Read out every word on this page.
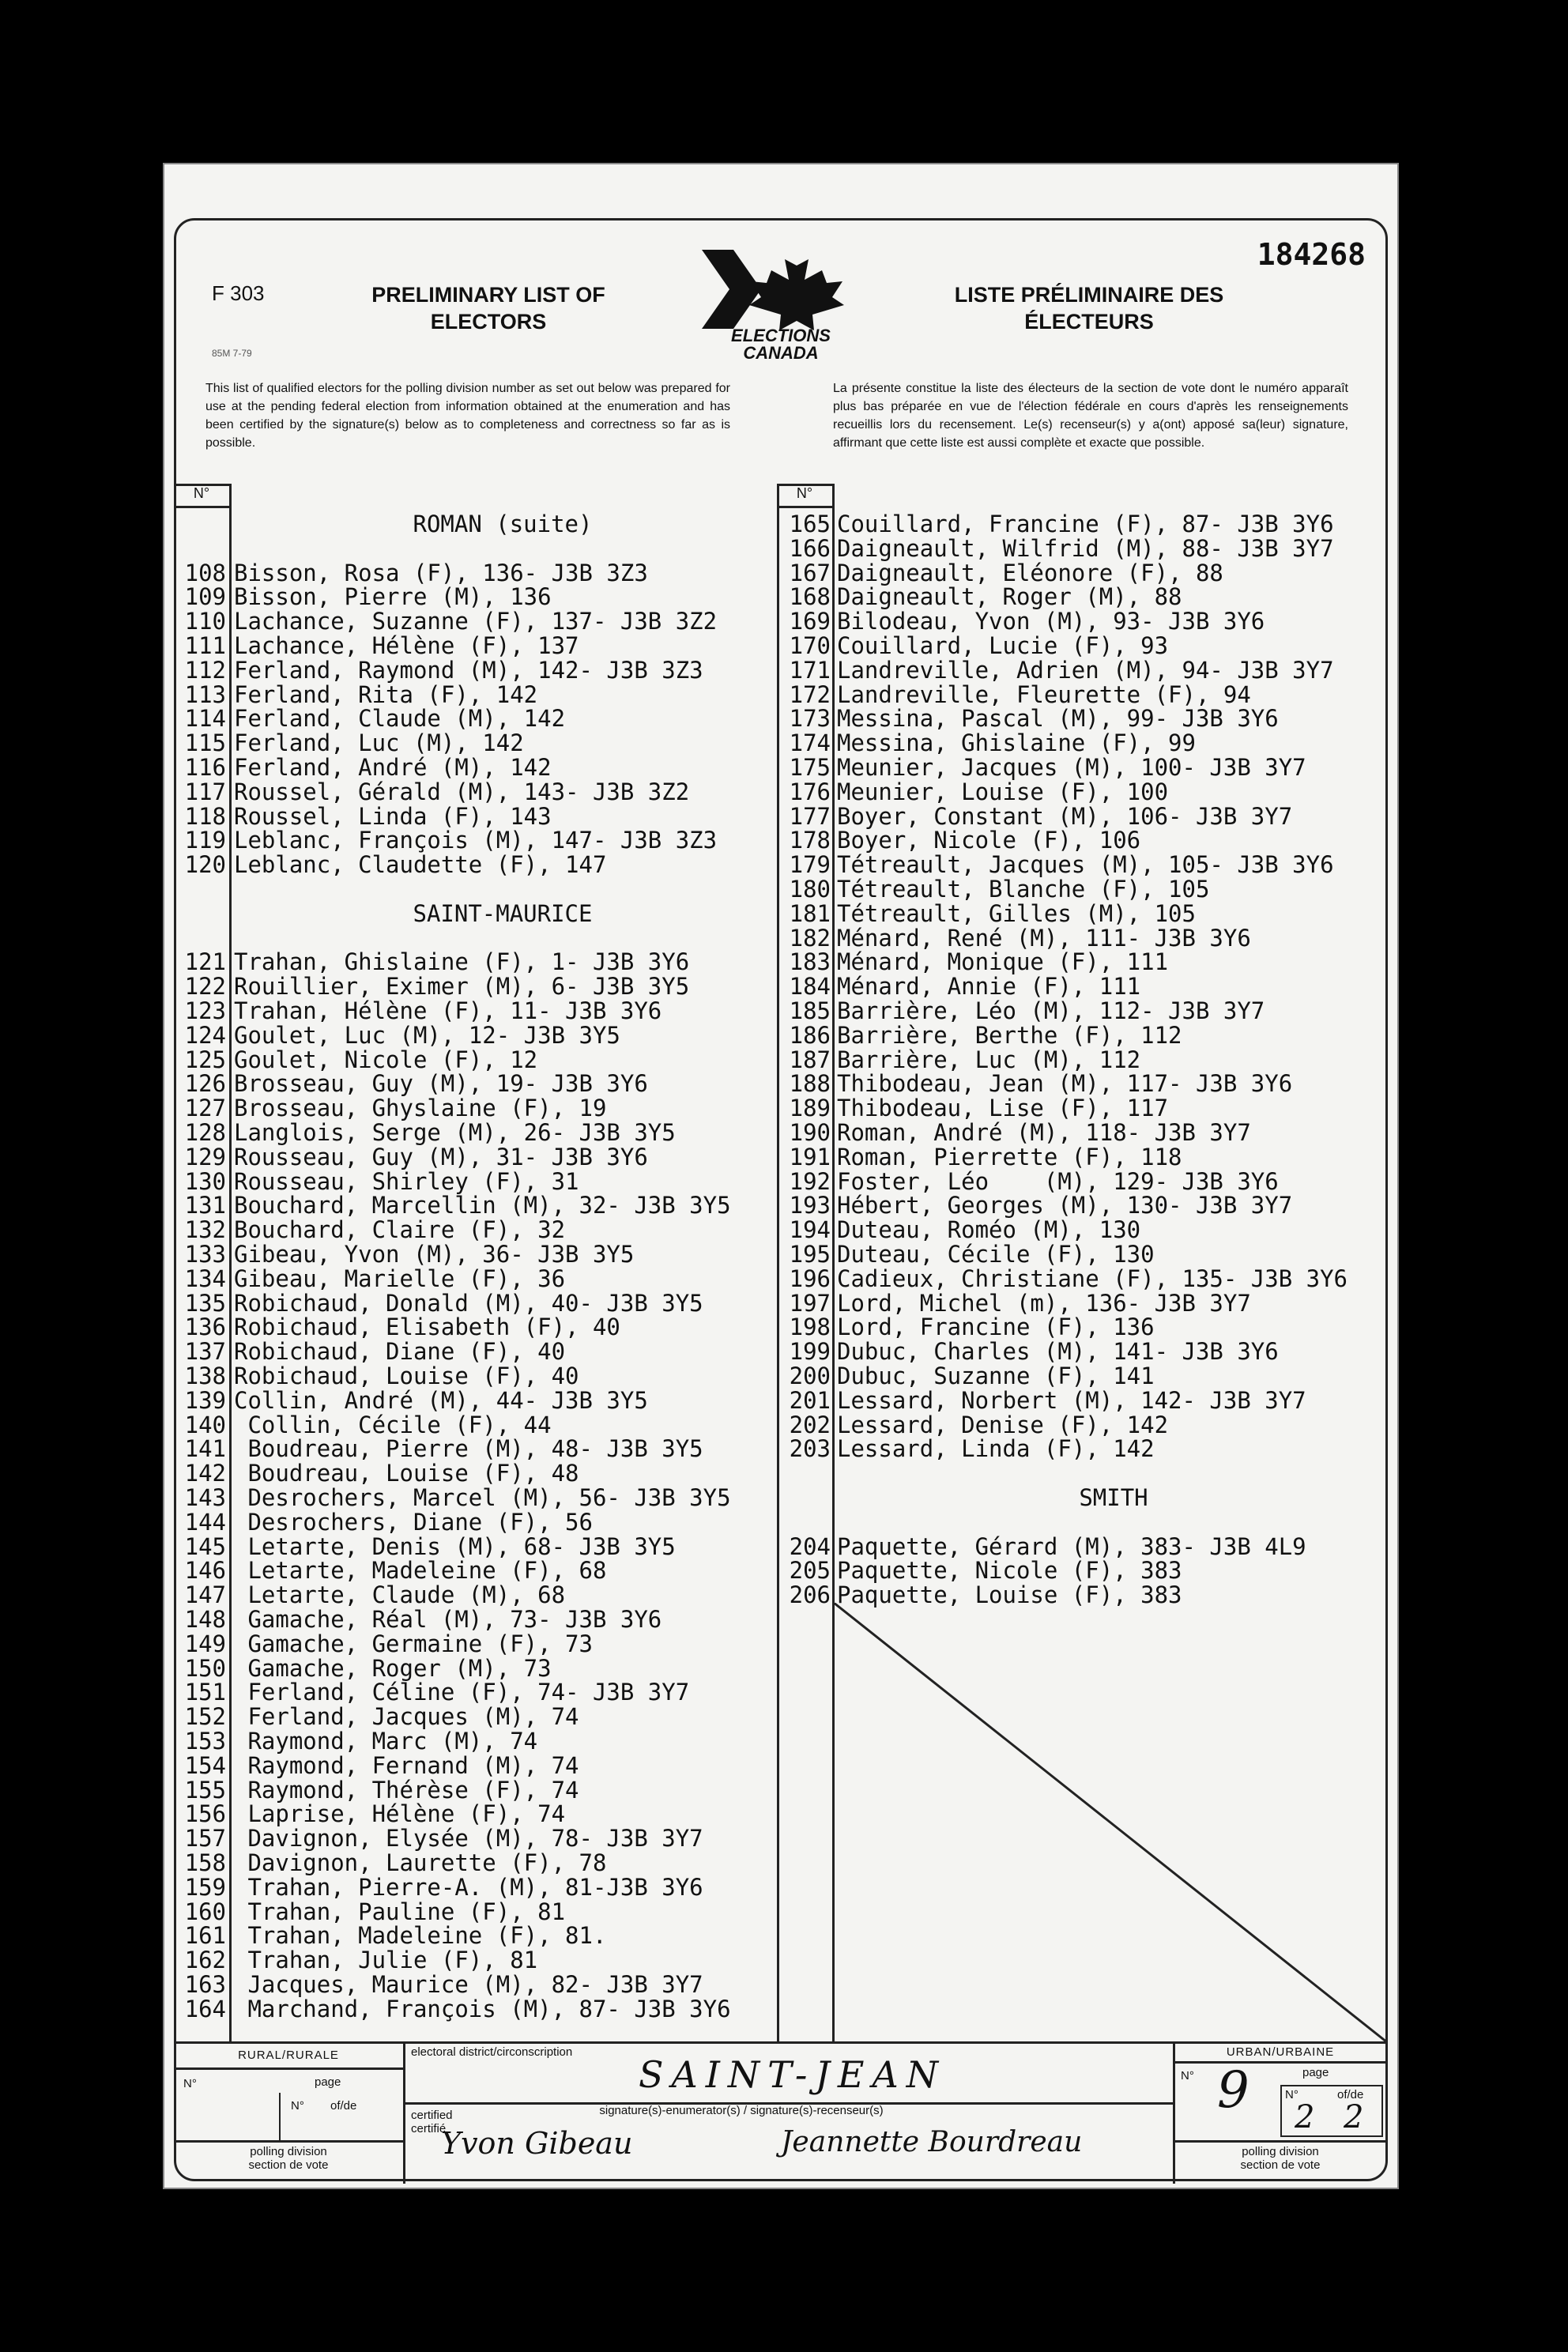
F 303
85M 7-79
PRELIMINARY LIST OF
ELECTORS
ELECTIONS
CANADA
LISTE PRÉLIMINAIRE DES
ÉLECTEURS
184268
This list of qualified electors for the polling division number as set out below was prepared for use at the pending federal election from information obtained at the enumeration and has been certified by the signature(s) below as to completeness and correctness so far as is possible.
La présente constitue la liste des électeurs de la section de vote dont le numéro apparaît plus bas préparée en vue de l'élection fédérale en cours d'après les renseignements recueillis lors du recensement. Le(s) recenseur(s) y a(ont) apposé sa(leur) signature, affirmant que cette liste est aussi complète et exacte que possible.
N°	N°
ROMAN (suite)
108 Bisson, Rosa (F), 136- J3B 3Z3
109 Bisson, Pierre (M), 136
110 Lachance, Suzanne (F), 137- J3B 3Z2
111 Lachance, Hélène (F), 137
112 Ferland, Raymond (M), 142- J3B 3Z3
113 Ferland, Rita (F), 142
114 Ferland, Claude (M), 142
115 Ferland, Luc (M), 142
116 Ferland, André (M), 142
117 Roussel, Gérald (M), 143- J3B 3Z2
118 Roussel, Linda (F), 143
119 Leblanc, François (M), 147- J3B 3Z3
120 Leblanc, Claudette (F), 147
SAINT-MAURICE
121 Trahan, Ghislaine (F), 1- J3B 3Y6
122 Rouillier, Eximer (M), 6- J3B 3Y5
123 Trahan, Hélène (F), 11- J3B 3Y6
124 Goulet, Luc (M), 12- J3B 3Y5
125 Goulet, Nicole (F), 12
126 Brosseau, Guy (M), 19- J3B 3Y6
127 Brosseau, Ghyslaine (F), 19
128 Langlois, Serge (M), 26- J3B 3Y5
129 Rousseau, Guy (M), 31- J3B 3Y6
130 Rousseau, Shirley (F), 31
131 Bouchard, Marcellin (M), 32- J3B 3Y5
132 Bouchard, Claire (F), 32
133 Gibeau, Yvon (M), 36- J3B 3Y5
134 Gibeau, Marielle (F), 36
135 Robichaud, Donald (M), 40- J3B 3Y5
136 Robichaud, Elisabeth (F), 40
137 Robichaud, Diane (F), 40
138 Robichaud, Louise (F), 40
139 Collin, André (M), 44- J3B 3Y5
140 Collin, Cécile (F), 44
141 Boudreau, Pierre (M), 48- J3B 3Y5
142 Boudreau, Louise (F), 48
143 Desrochers, Marcel (M), 56- J3B 3Y5
144 Desrochers, Diane (F), 56
145 Letarte, Denis (M), 68- J3B 3Y5
146 Letarte, Madeleine (F), 68
147 Letarte, Claude (M), 68
148 Gamache, Réal (M), 73- J3B 3Y6
149 Gamache, Germaine (F), 73
150 Gamache, Roger (M), 73
151 Ferland, Céline (F), 74- J3B 3Y7
152 Ferland, Jacques (M), 74
153 Raymond, Marc (M), 74
154 Raymond, Fernand (M), 74
155 Raymond, Thérèse (F), 74
156 Laprise, Hélène (F), 74
157 Davignon, Elysée (M), 78- J3B 3Y7
158 Davignon, Laurette (F), 78
159 Trahan, Pierre-A. (M), 81-J3B 3Y6
160 Trahan, Pauline (F), 81
161 Trahan, Madeleine (F), 81.
162 Trahan, Julie (F), 81
163 Jacques, Maurice (M), 82- J3B 3Y7
164 Marchand, François (M), 87- J3B 3Y6
165 Couillard, Francine (F), 87- J3B 3Y6
166 Daigneault, Wilfrid (M), 88- J3B 3Y7
167 Daigneault, Eléonore (F), 88
168 Daigneault, Roger (M), 88
169 Bilodeau, Yvon (M), 93- J3B 3Y6
170 Couillard, Lucie (F), 93
171 Landreville, Adrien (M), 94- J3B 3Y7
172 Landreville, Fleurette (F), 94
173 Messina, Pascal (M), 99- J3B 3Y6
174 Messina, Ghislaine (F), 99
175 Meunier, Jacques (M), 100- J3B 3Y7
176 Meunier, Louise (F), 100
177 Boyer, Constant (M), 106- J3B 3Y7
178 Boyer, Nicole (F), 106
179 Tétreault, Jacques (M), 105- J3B 3Y6
180 Tétreault, Blanche (F), 105
181 Tétreault, Gilles (M), 105
182 Ménard, René (M), 111- J3B 3Y6
183 Ménard, Monique (F), 111
184 Ménard, Annie (F), 111
185 Barrière, Léo (M), 112- J3B 3Y7
186 Barrière, Berthe (F), 112
187 Barrière, Luc (M), 112
188 Thibodeau, Jean (M), 117- J3B 3Y6
189 Thibodeau, Lise (F), 117
190 Roman, André (M), 118- J3B 3Y7
191 Roman, Pierrette (F), 118
192 Foster, Léo    (M), 129- J3B 3Y6
193 Hébert, Georges (M), 130- J3B 3Y7
194 Duteau, Roméo (M), 130
195 Duteau, Cécile (F), 130
196 Cadieux, Christiane (F), 135- J3B 3Y6
197 Lord, Michel (m), 136- J3B 3Y7
198 Lord, Francine (F), 136
199 Dubuc, Charles (M), 141- J3B 3Y6
200 Dubuc, Suzanne (F), 141
201 Lessard, Norbert (M), 142- J3B 3Y7
202 Lessard, Denise (F), 142
203 Lessard, Linda (F), 142
SMITH
204 Paquette, Gérard (M), 383- J3B 4L9
205 Paquette, Nicole (F), 383
206 Paquette, Louise (F), 383
RURAL/RURALE	URBAN/URBAINE
N°	page
N° of/de
polling division
section de vote
electoral district/circonscription
SAINT-JEAN
certified
certifié
signature(s)-enumerator(s) / signature(s)-recenseur(s)
Yvon Gibeau	Jeannette Bourdreau
N° 9	page
N°	of/de
2 2
polling division
section de vote
